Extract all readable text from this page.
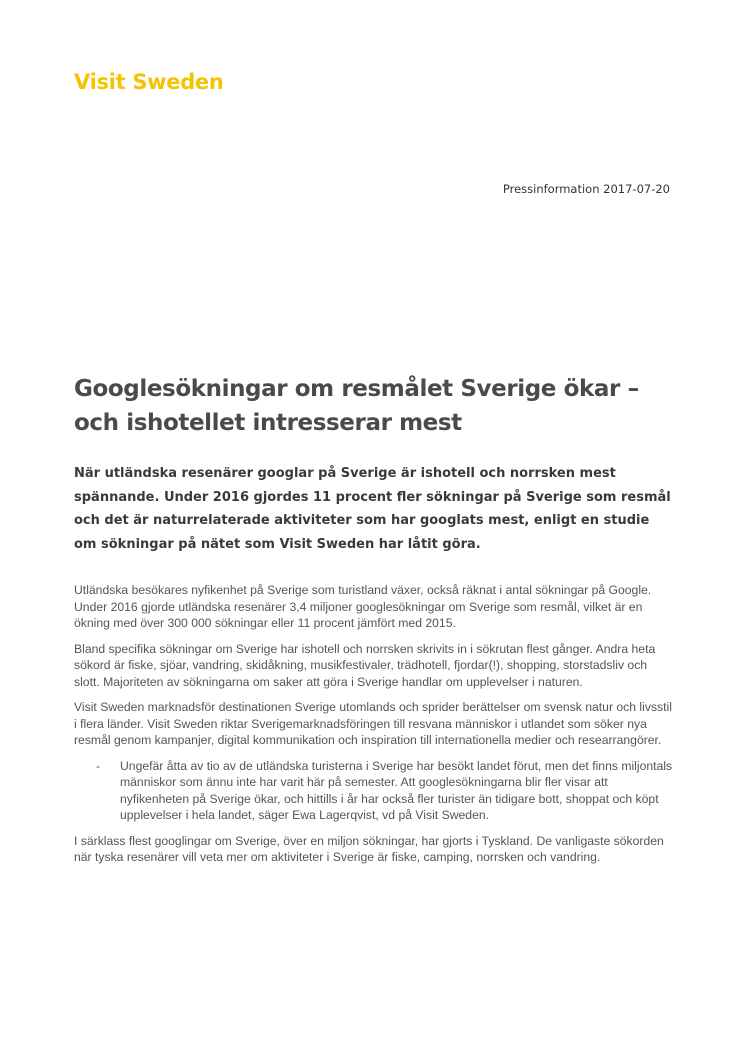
Visit Sweden

Pressinformation 2017-07-20

Googlesökningar om resmålet Sverige ökar – och ishotellet intresserar mest

När utländska resenärer googlar på Sverige är ishotell och norrsken mest spännande. Under 2016 gjordes 11 procent fler sökningar på Sverige som resmål och det är naturrelaterade aktiviteter som har googlats mest, enligt en studie om sökningar på nätet som Visit Sweden har låtit göra.

Utländska besökares nyfikenhet på Sverige som turistland växer, också räknat i antal sökningar på Google. Under 2016 gjorde utländska resenärer 3,4 miljoner googlesökningar om Sverige som resmål, vilket är en ökning med över 300 000 sökningar eller 11 procent jämfört med 2015.

Bland specifika sökningar om Sverige har ishotell och norrsken skrivits in i sökrutan flest gånger. Andra heta sökord är fiske, sjöar, vandring, skidåkning, musikfestivaler, trädhotell, fjordar(!), shopping, storstadsliv och slott. Majoriteten av sökningarna om saker att göra i Sverige handlar om upplevelser i naturen.

Visit Sweden marknadsför destinationen Sverige utomlands och sprider berättelser om svensk natur och livsstil i flera länder. Visit Sweden riktar Sverigemarknadsföringen till resvana människor i utlandet som söker nya resmål genom kampanjer, digital kommunikation och inspiration till internationella medier och researrangörer.

-	Ungefär åtta av tio av de utländska turisterna i Sverige har besökt landet förut, men det finns miljontals människor som ännu inte har varit här på semester. Att googlesökningarna blir fler visar att nyfikenheten på Sverige ökar, och hittills i år har också fler turister än tidigare bott, shoppat och köpt upplevelser i hela landet, säger Ewa Lagerqvist, vd på Visit Sweden.

I särklass flest googlingar om Sverige, över en miljon sökningar, har gjorts i Tyskland. De vanligaste sökorden när tyska resenärer vill veta mer om aktiviteter i Sverige är fiske, camping, norrsken och vandring.
